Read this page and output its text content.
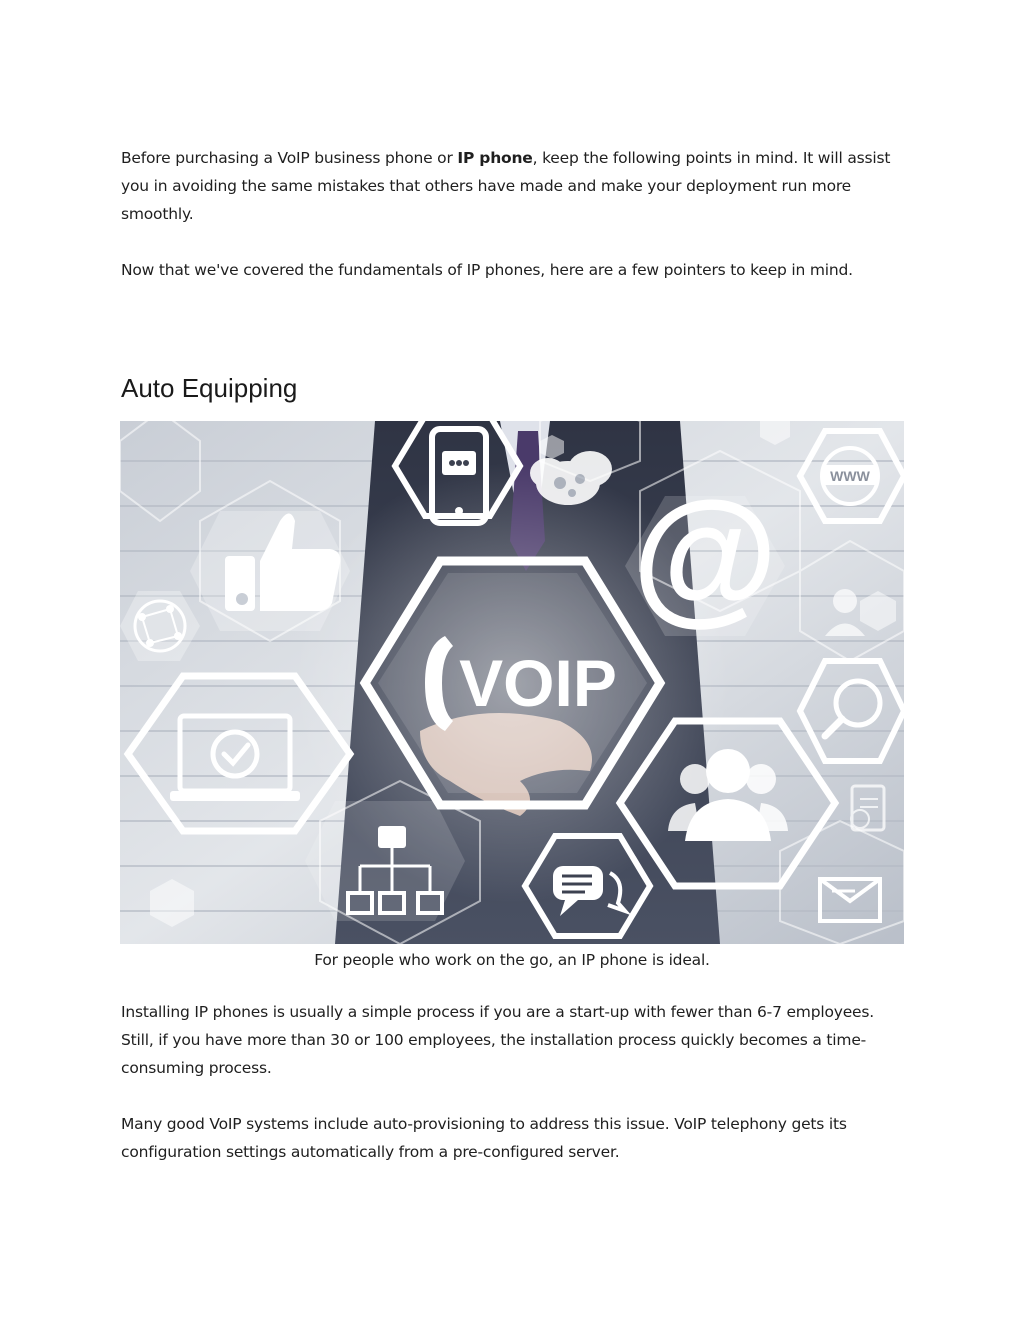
Before purchasing a VoIP business phone or IP phone, keep the following points in mind. It will assist you in avoiding the same mistakes that others have made and make your deployment run more smoothly.

Now that we've covered the fundamentals of IP phones, here are a few pointers to keep in mind.

Auto Equipping
WWW
VOIP
@
For people who work on the go, an IP phone is ideal.

Installing IP phones is usually a simple process if you are a start-up with fewer than 6-7 employees. Still, if you have more than 30 or 100 employees, the installation process quickly becomes a time-consuming process.

Many good VoIP systems include auto-provisioning to address this issue. VoIP telephony gets its configuration settings automatically from a pre-configured server.
